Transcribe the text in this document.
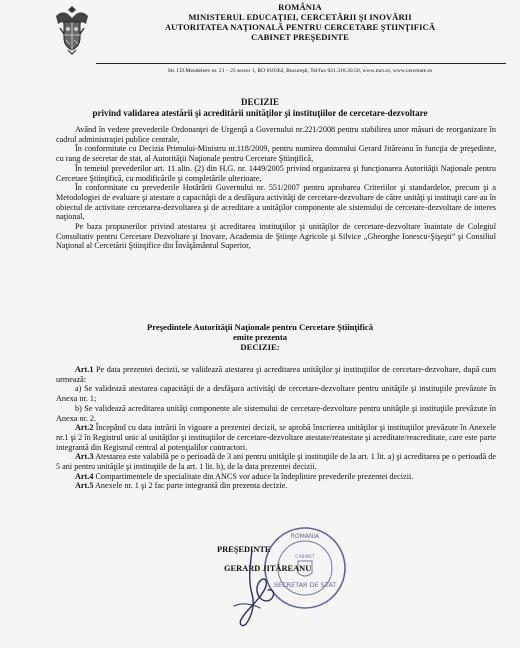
ROMÂNIA
MINISTERUL EDUCAŢIEI, CERCETĂRII ŞI INOVĂRII
AUTORITATEA NAŢIONALĂ PENTRU CERCETARE ŞTIINŢIFICĂ
CABINET PREŞEDINTE
Str. I.D.Mendeleev nr. 21 – 25 sector 1, RO 010362, Bucureşti, Tel/fax 021.318.30.50, www.mct.ro, www.cercetare.ro
DECIZIE
privind validarea atestării şi acreditării unităţilor şi instituţiilor de cercetare-dezvoltare

Având în vedere prevederile Ordonanţei de Urgenţă a Guvernului nr.221/2008 pentru stabilirea unor măsuri de reorganizare în cadrul administraţiei publice centrale,

În conformitate cu Decizia Primului-Ministru nr.118/2009, pentru numirea domnului Gerard Jităreanu în funcţia de preşedinte, cu rang de secretar de stat, al Autorităţii Naţionale pentru Cercetare Ştiinţifică,

În temeiul prevederilor art. 11 alin. (2) din H.G. nr. 1449/2005 privind organizarea şi funcţionarea Autorităţii Naţionale pentru Cercetare Ştiinţifică, cu modificările şi completările ulterioare,

În conformitate cu prevederile Hotărârii Guvernului nr. 551/2007 pentru aprobarea Criteriilor şi standardelor, precum şi a Metodologiei de evaluare şi atestare a capacităţii de a desfăşura activităţi de cercetare-dezvoltare de către unităţi şi instituţii care au în obiectul de activitate cercetarea-dezvoltarea şi de acreditare a unităţilor componente ale sistemului de cercetare-dezvoltare de interes naţional,

Pe baza propunerilor privind atestarea şi acreditarea instituţiilor şi unităţilor de cercetare-dezvoltare înaintate de Colegiul Consultativ pentru Cercetare Dezvoltare şi Inovare, Academia de Ştiinţe Agricole şi Silvice „Gheorghe Ionescu-Şişeşti” şi Consiliul Naţional al Cercetării Ştiinţifice din Învăţământul Superior,

Preşedintele Autorităţii Naţionale pentru Cercetare Ştiinţifică
emite prezenta
DECIZIE:

Art.1 Pe data prezentei decizii, se validează atestarea şi acreditarea unităţilor şi instituţiilor de cercetare-dezvoltare, după cum urmează:

a) Se validează atestarea capacităţii de a desfăşura activităţi de cercetare-dezvoltare pentru unităţile şi instituţiile prevăzute în Anexa nr. 1;

b) Se validează acreditarea unităţi componente ale sistemului de cercetare-dezvoltare pentru unităţile şi instituţiile prevăzute în Anexa nr. 2.

Art.2 Începând cu data intrării în vigoare a prezentei decizii, se aprobă înscrierea unităţilor şi instituţiilor prevăzute în Anexele nr.1 şi 2 în Registrul unic al unităţilor şi instituţiilor de cercetare-dezvoltare atestate/reatestate şi acreditate/reacreditate, care este parte integrantă din Registrul central al potenţialilor contractori.

Art.3 Atestarea este valabilă pe o perioadă de 3 ani pentru unităţile şi instituţiile de la art. 1 lit. a) şi acreditarea pe o perioadă de 5 ani pentru unităţile şi instituţiile de la art. 1 lit. b), de la data prezentei decizii.

Art.4 Compartimentele de specialitate din ANCS vor aduce la îndeplinire prevederile prezentei decizii.

Art.5 Anexele nr. 1 şi 2 fac parte integrantă din prezenta decizie.

ROMÂNIA
CABINET
SECRETAR DE STAT
PREŞEDINTE
GERARD JITĂREANU
